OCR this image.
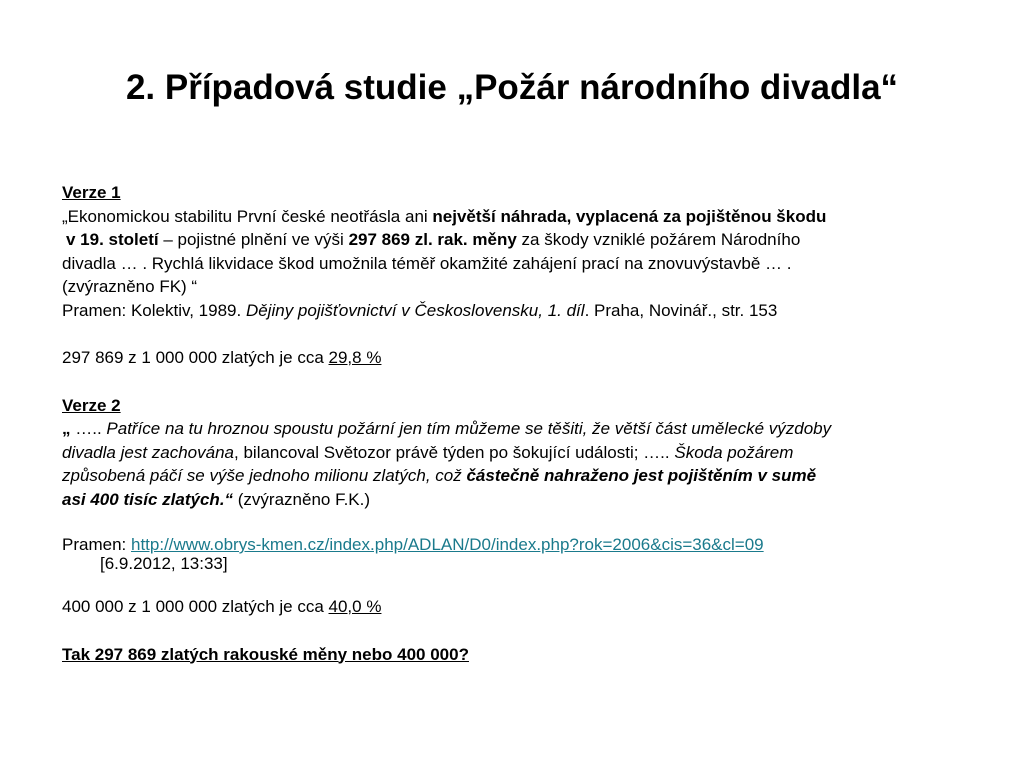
2. Případová studie „Požár národního divadla“

Verze 1

„Ekonomickou stabilitu První české neotřásla ani největší náhrada, vyplacená za pojištěnou škodu

v 19. století – pojistné plnění ve výši 297 869 zl. rak. měny za škody vzniklé požárem Národního

divadla … . Rychlá likvidace škod umožnila téměř okamžité zahájení prací na znovuvýstavbě … .

(zvýrazněno FK) “

Pramen: Kolektiv, 1989. Dějiny pojišťovnictví v Československu, 1. díl. Praha, Novinář., str. 153

297 869 z 1 000 000 zlatých je cca 29,8 %

Verze 2

„ ….. Patříce na tu hroznou spoustu požární jen tím můžeme se těšiti, že větší část umělecké výzdoby

divadla jest zachována, bilancoval Světozor právě týden po šokující události; ….. Škoda požárem

způsobená páčí se výše jednoho milionu zlatých, což částečně nahraženo jest pojištěním v sumě

asi 400 tisíc zlatých.“ (zvýrazněno F.K.)

Pramen: http://www.obrys-kmen.cz/index.php/ADLAN/D0/index.php?rok=2006&cis=36&cl=09

[6.9.2012, 13:33]

400 000 z 1 000 000 zlatých je cca 40,0 %

Tak 297 869 zlatých rakouské měny nebo 400 000?
